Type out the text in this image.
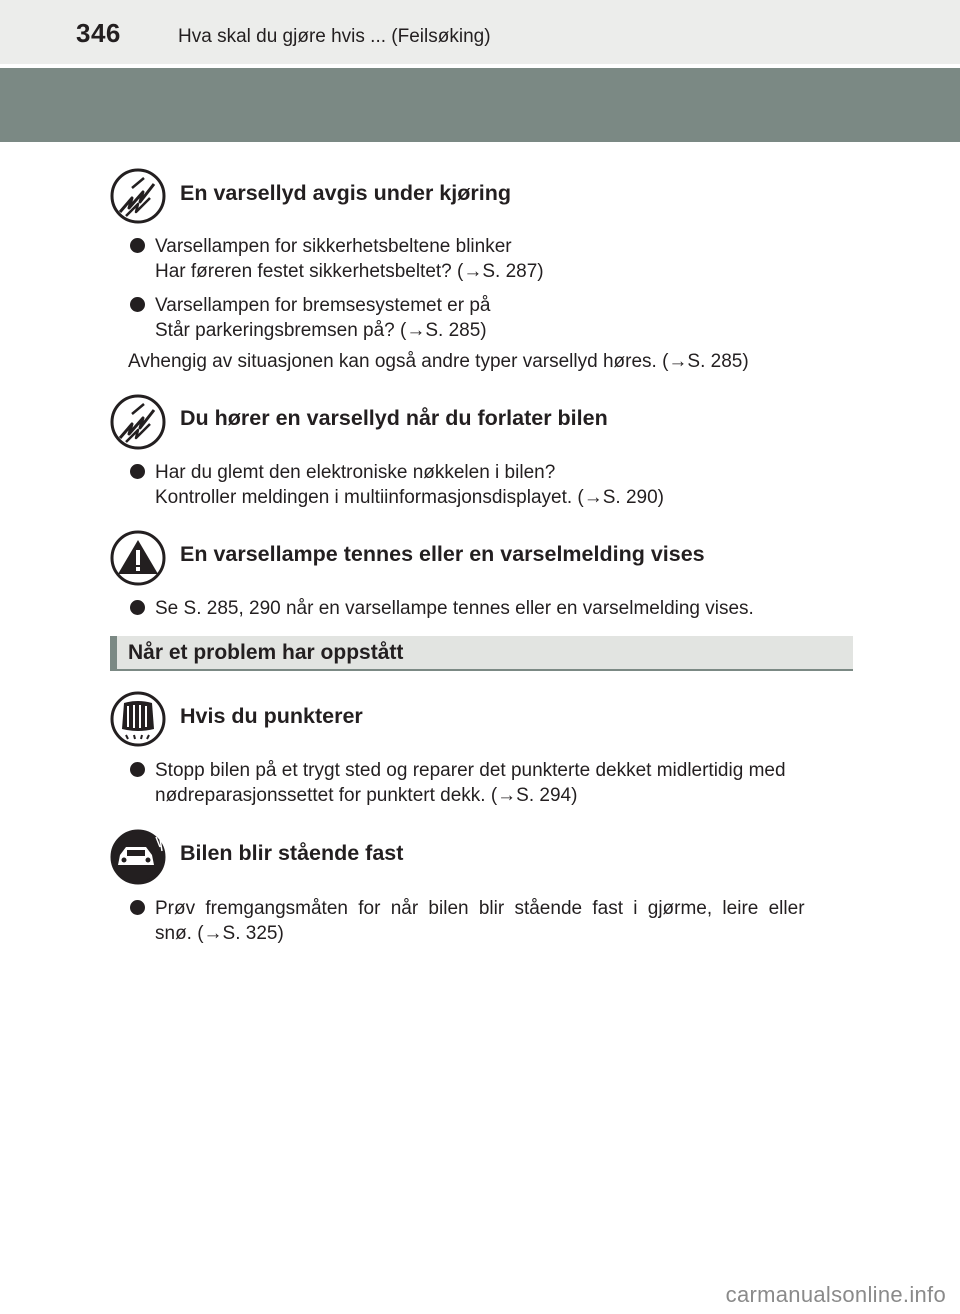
346	Hva skal du gjøre hvis ... (Feilsøking)
En varsellyd avgis under kjøring
Varsellampen for sikkerhetsbeltene blinker
Har føreren festet sikkerhetsbeltet? (→S. 287)
Varsellampen for bremsesystemet er på
Står parkeringsbremsen på? (→S. 285)
Avhengig av situasjonen kan også andre typer varsellyd høres. (→S. 285)
Du hører en varsellyd når du forlater bilen
Har du glemt den elektroniske nøkkelen i bilen?
Kontroller meldingen i multiinformasjonsdisplayet. (→S. 290)
En varsellampe tennes eller en varselmelding vises
Se S. 285, 290 når en varsellampe tennes eller en varselmelding vises.
Når et problem har oppstått
Hvis du punkterer
Stopp bilen på et trygt sted og reparer det punkterte dekket midlertidig med
nødreparasjonssettet for punktert dekk. (→S. 294)
Bilen blir stående fast
Prøv fremgangsmåten for når bilen blir stående fast i gjørme, leire eller
snø. (→S. 325)
carmanualsonline.info
